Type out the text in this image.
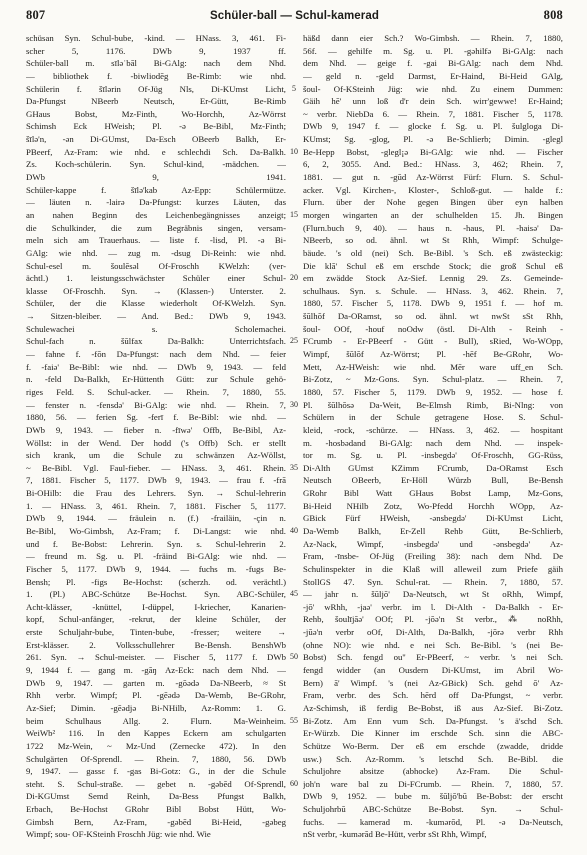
807	Schüler-ball — Schul-kamerad	808
schüsan Syn. Schul-bube, -kind. — HNass. 3, 461. Fi-
scher 5, 1176. DWb 9, 1937 ff.
Schüler-ball m. sīləˈbāl Bi-GAlg: nach dem Nhd.
— bibliothek f. -biwliodēg Be-Rimb: wie nhd.
Schülerin f. šīlərin Of-Jüg Nls, Di-KUmst Licht,
Da-Pfungst NBeerb Neutsch, Er-Gütt, Be-Rimb
GHaus Bobst, Mz-Finth, Wo-Horchh, Az-Wörrst
Schimsh Eck HWeish; Pl. -ə Be-Bibl, Mz-Finth;
šīlə'n, -ən Di-GUmst, Da-Esch OBeerb Balkh, Er-
PBeerf, Az-Fram: wie nhd. e schlechdi Sch. Da-Balkh.
Zs. Koch-schülerin. Syn. Schul-kind, -mädchen. —
DWb 9, 1941.
Schüler-kappe f. šīlə'kab Az-Epp: Schülermütze.
— läuten n. -lairə Da-Pfungst: kurzes Läuten, das
an nahen Beginn des Leichenbegängnisses anzeigt;
die Schulkinder, die zum Begräbnis singen, versam-
meln sich am Trauerhaus. — liste f. -lisd, Pl. -ə Bi-
GAlg: wie nhd. — zug m. -dsug Di-Reinh: wie nhd.
Schul-esel m. šoulēsəl Of-Froschh KWelzh: (ver-
ächtl.) 1. leistungsschwächster Schüler einer Schul-
klasse Of-Froschh. Syn. → (Klassen-) Unterster. 2.
Schüler, der die Klasse wiederholt Of-KWelzh. Syn.
→ Sitzen-bleiber. — And. Bed.: DWb 9, 1943.
Schulewachei s. Scholemachei.
Schul-fach n. šūlfax Da-Balkh: Unterrichtsfach.
— fahne f. -fōn Da-Pfungst: nach dem Nhd. — feier
f. -faiə' Be-Bibl: wie nhd. — DWb 9, 1943. — feld
n. -feld Da-Balkh, Er-Hüttenth Gütt: zur Schule gehö-
riges Feld. S. Schul-acker. — Rhein. 7, 1880, 55.
— fenster n. -fensdə' Bi-GAlg: wie nhd. — Rhein. 7,
1880, 56. — ferien Sg. -ferī f. Be-Bibl: wie nhd. —
DWb 9, 1943. — fieber n. -fīwə' Offb, Be-Bibl, Az-
Wöllst: in der Wend. Der hodd ('s Offb) Sch. er stellt
sich krank, um die Schule zu schwänzen Az-Wöllst,
~ Be-Bibl. Vgl. Faul-fieber. — HNass. 3, 461. Rhein.
7, 1881. Fischer 5, 1177. DWb 9, 1943. — frau f. -frā
Bi-OHilb: die Frau des Lehrers. Syn. → Schul-lehrerin
1. — HNass. 3, 461. Rhein. 7, 1881. Fischer 5, 1177.
DWb 9, 1944. — fräulein n. (f.) -frailäin, -çin n.
Be-Bibl, Wo-Gimbsh, Az-Fram; f. Di-Langst: wie nhd.
und f. Be-Bobst: Lehrerin. Syn. s. Schul-lehrerin 2.
— freund m. Sg. u. Pl. -fräind Bi-GAlg: wie nhd. —
Fischer 5, 1177. DWb 9, 1944. — fuchs m. -fugs Be-
Bensh; Pl. -figs Be-Hochst: (scherzh. od. verächtl.)
1. (Pl.) ABC-Schütze Be-Hochst. Syn. ABC-Schüler,
Acht-klässer, -knüttel, I-düppel, I-kriecher, Kanarien-
kopf, Schul-anfänger, -rekrut, der kleine Schüler, der
erste Schuljahr-bube, Tinten-bube, -fresser; weitere →
Erst-klässer. 2. Volksschullehrer Be-Bensh. BenshWb
261. Syn. → Schul-meister. — Fischer 5, 1177 f. DWb
9, 1944 f. — gang m. -gāŋ Az-Eck: nach dem Nhd. —
DWb 9, 1947. — garten m. -gōədə Da-NBeerb, ≈ St
Rhh verbr. Wimpf; Pl. -gēədə Da-Wemb, Be-GRohr,
Az-Sief; Dimin. -gēədjə Bi-NHilb, Az-Romm: 1. G.
beim Schulhaus Allg. 2. Flurn. Ma-Weinheim.
WeiWb² 116. In den Kappes Eckern am schulgarten
1722 Mz-Wein, ~ Mz-Und (Zernecke 472). In den
Schulgärten Of-Sprendl. — Rhein. 7, 1880, 56. DWb
9, 1947. — gassɛ f. -gas Bi-Gotz: G., in der die Schule
steht. S. Schul-straße. — gebet n. -gəbēd Of-Sprendl,
Di-KGUmst Semd Reinh, Da-Bess Pfungst Balkh,
Erbach, Be-Hochst GRohr Bibl Bobst Hütt, Wo-
Gimbsh Bern, Az-Fram, -gəbēd Bi-Heid, -gəbeg
Wimpf; sou- OF-KSteinh Froschh Jüg: wie nhd. Wie
5
10
15
20
25
30
35
40
45
50
55
60
häßd dann eier Sch.? Wo-Gimbsh. — Rhein. 7, 1880,
56f. — gehilfe m. Sg. u. Pl. -gəhilfə Bi-GAlg: nach
dem Nhd. — geige f. -gai Bi-GAlg: nach dem Nhd.
— geld n. -geld Darmst, Er-Haind, Bi-Heid GAlg,
šoul- Of-KSteinh Jüg: wie nhd. Zu einem Dummen:
Gäih hē' unn loß d'r dein Sch. wirr'gewwe! Er-Haind;
~ verbr. NiebDa 6. — Rhein. 7, 1881. Fischer 5, 1178.
DWb 9, 1947 f. — glocke f. Sg. u. Pl. šulgloga Di-
KUmst; Sg. -glog, Pl. -ə Be-Schlierb; Dimin. -glegl
Be-Hepp Bobst, -glegl¡ə Bi-GAlg: wie nhd. — Fischer
6, 2, 3055. And. Bed.: HNass. 3, 462; Rhein. 7,
1881. — gut n. -gūd Az-Wörrst Fürf: Flurn. S. Schul-
acker. Vgl. Kirchen-, Kloster-, Schloß-gut. — halde f.:
Flurn. über der Nohe gegen Bingen über eyn halben
morgen wingarten an der schulhelden 15. Jh. Bingen
(Flurn.buch 9, 40). — haus n. -haus, Pl. -haisə' Da-
NBeerb, so od. ähnl. wt St Rhh, Wimpf: Schulge-
bäude. 's old (nei) Sch. Be-Bibl. 's Sch. eß zwästeckig:
Die klā' Schul eß em erschde Stock; die groß Schul eß
em zwädde Stock Az-Sief. Lennig 29. Zs. Gemeinde-
schulhaus. Syn. s. Schule. — HNass. 3, 462. Rhein. 7,
1880, 57. Fischer 5, 1178. DWb 9, 1951 f. — hof m.
šūlhōf Da-ORamst, so od. ähnl. wt nwSt sSt Rhh,
šoul- OOf, -houf noOdw (östl. Di-Alth - Reinh -
FCrumb - Er-PBeerf - Gütt - Bull), sRied, Wo-WOpp,
Wimpf, šūlōf Az-Wörrst; Pl. -hēf Be-GRohr, Wo-
Mett, Az-HWeish: wie nhd. Mēr ware uff_en Sch.
Bi-Zotz, ~ Mz-Gons. Syn. Schul-platz. — Rhein. 7,
1880, 57. Fischer 5, 1179. DWb 9, 1952. — hose f.
Pl. šūlhōsə Da-Weit, Be-Elmsh Rimb, Bi-Nlng: von
Schülern in der Schule getragene Hose. S. Schul-
kleid, -rock, -schürze. — HNass. 3, 462. — hospitant
m. -hosbədand Bi-GAlg: nach dem Nhd. — inspek-
tor m. Sg. u. Pl. -insbegdə' Of-Froschh, GG-Rüss,
Di-Alth GUmst KZimm FCrumb, Da-ORamst Esch
Neutsch OBeerb, Er-Höll Würzb Bull, Be-Bensh
GRohr Bibl Watt GHaus Bobst Lamp, Mz-Gons,
Bi-Heid NHilb Zotz, Wo-Pfedd Horchh WOpp, Az-
GBick Fürf HWeish, -ənsbegdə' Di-KUmst Licht,
Da-Wemb Balkh, Er-Zell Rehb Gütt, Be-Schlierb,
Az-Nack, Wimpf, -insbegdə' und -ənsbegdə' Az-
Fram, -īnsbe- Of-Jüg (Freiling 38): nach dem Nhd. De
Schulinspekter in die Klaß will alleweil zum Priefe gäih
StollGS 47. Syn. Schul-rat. — Rhein. 7, 1880, 57.
— jahr n. šūljō' Da-Neutsch, wt St oRhh, Wimpf,
-jō' wRhh, -jaə' verbr. im Ɩ. Di-Alth - Da-Balkh - Er-
Rehb, šoulījāə' OOf; Pl. -jōə'n St verbr., ⁂ noRhh,
-jūə'n verbr oOf, Di-Alth, Da-Balkh, -jōrə verbr Rhh
(ohne NO): wie nhd. e nei Sch. Be-Bibl. 's (nei Be-
Bobst) Sch. fengd ou'' Er-PBeerf, ~ verbr. 's nei Sch.
fengd widder (an Ousdern Di-KUmst, im Abril Wo-
Bern) ā' Wimpf. 's (nei Az-GBick) Sch. gehd ō' Az-
Fram, verbr. des Sch. hērd off Da-Pfungst, ~ verbr.
Az-Schimsh, iß ferdig Be-Bobst, iß aus Az-Sief. Bi-Zotz.
Bi-Zotz. Am Enn vum Sch. Da-Pfungst. 's ä'schd Sch.
Er-Würzb. Die Kinner im erschde Sch. sinn die ABC-
Schütze Wo-Berm. Der eß em erschde (zwadde, dridde
usw.) Sch. Az-Romm. 's letschd Sch. Be-Bibl. die
Schuljohre absitze (abhocke) Az-Fram. Die Schul-
joh'n ware bal zu Di-FCrumb. — Rhein. 7, 1880, 57.
DWb 9, 1952. — bube m. šūljō'bū Be-Bobst: der erscht
Schuljohrbū ABC-Schütze Be-Bobst. Syn. → Schul-
fuchs. — kamerad m. -kumərōd, Pl. -ə Da-Neutsch,
nSt verbr, -kumərād Be-Hütt, verbr sSt Rhh, Wimpf,
